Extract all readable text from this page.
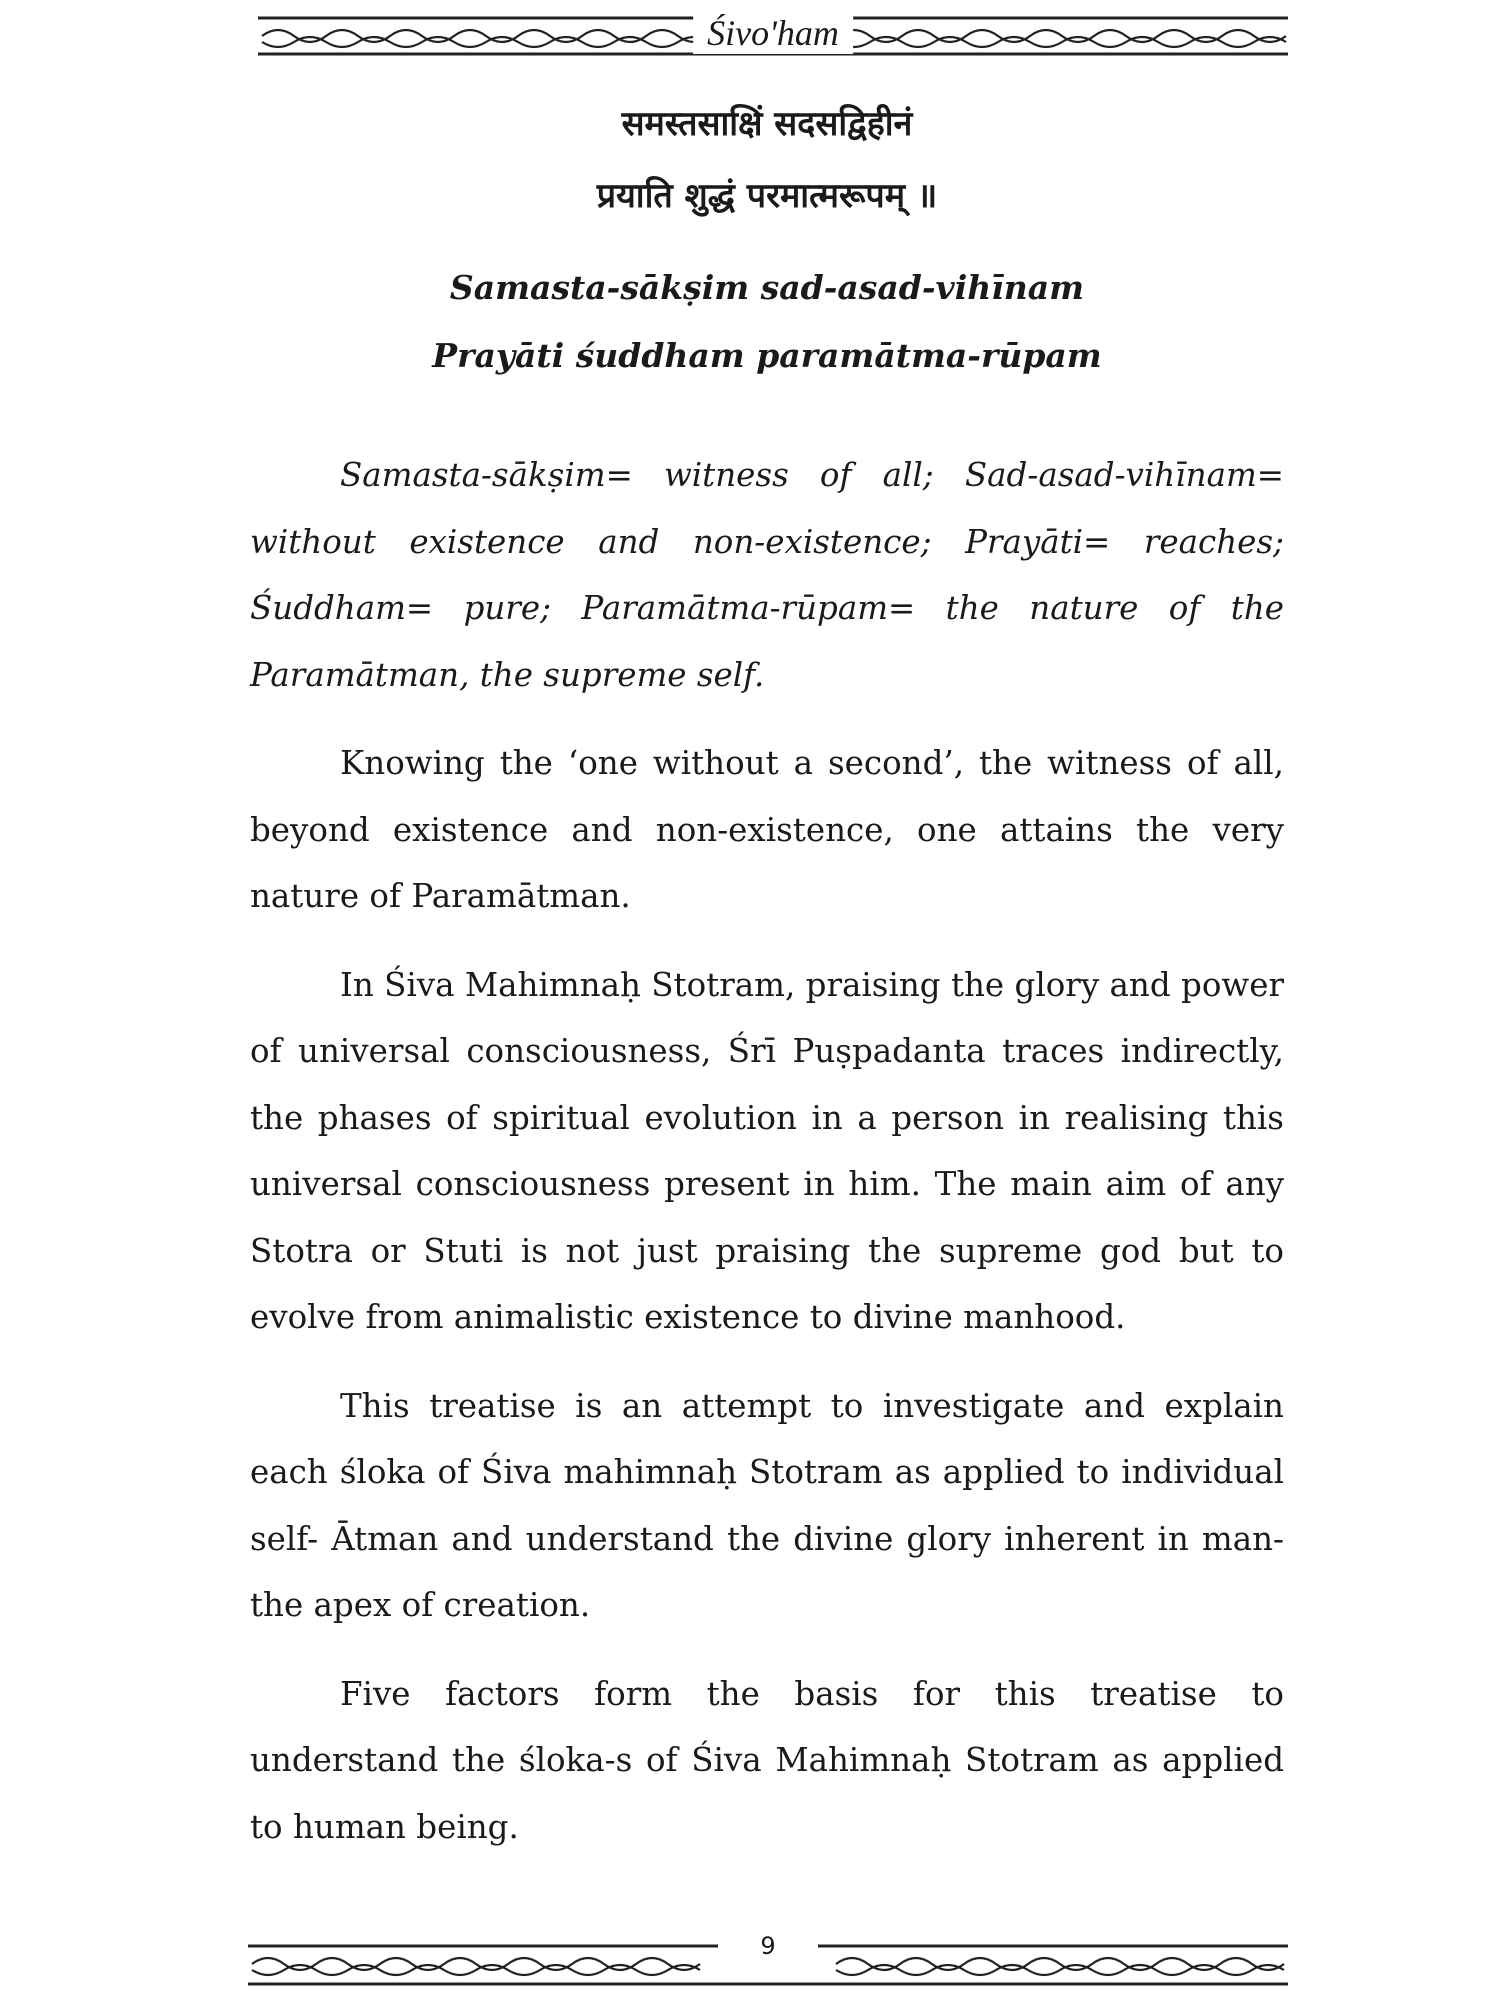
Śivo'ham
समस्तसाक्षिं सदसद्विहीनं
प्रयाति शुद्धं परमात्मरूपम् ॥
Samasta-sākṣim sad-asad-vihīnam
Prayāti śuddham paramātma-rūpam

Samasta-sākṣim= witness of all; Sad-asad-vihīnam= without existence and non-existence; Prayāti= reaches; Śuddham= pure; Paramātma-rūpam= the nature of the Paramātman, the supreme self.

Knowing the ‘one without a second’, the witness of all, beyond existence and non-existence, one attains the very nature of Paramātman.

In Śiva Mahimnaḥ Stotram, praising the glory and power of universal consciousness, Śrī Puṣpadanta traces indirectly, the phases of spiritual evolution in a person in realising this universal consciousness present in him. The main aim of any Stotra or Stuti is not just praising the supreme god but to evolve from animalistic existence to divine manhood.

This treatise is an attempt to investigate and explain each śloka of Śiva mahimnaḥ Stotram as applied to individual self- Ātman and understand the divine glory inherent in man- the apex of creation.

Five factors form the basis for this treatise to understand the śloka-s of Śiva Mahimnaḥ Stotram as applied to human being.

9
